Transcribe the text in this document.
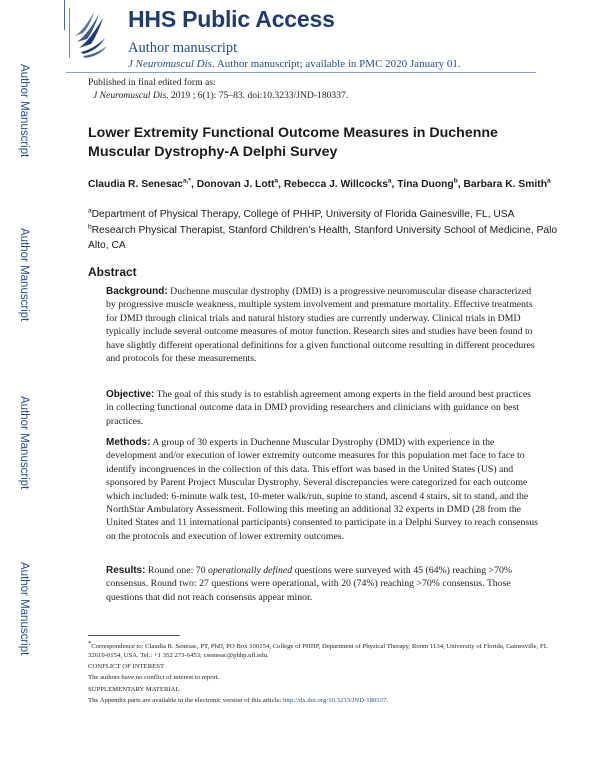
Author Manuscript
Author Manuscript
Author Manuscript
Author Manuscript
HHS Public Access
Author manuscript
J Neuromuscul Dis. Author manuscript; available in PMC 2020 January 01.
Published in final edited form as:
J Neuromuscul Dis. 2019 ; 6(1): 75–83. doi:10.3233/JND-180337.
Lower Extremity Functional Outcome Measures in Duchenne Muscular Dystrophy-A Delphi Survey
Claudia R. Senesac$^{a,*}$, Donovan J. Lott$^a$, Rebecca J. Willcocks$^a$, Tina Duong$^b$, Barbara K. Smith$^a$
$^a$Department of Physical Therapy, College of PHHP, University of Florida Gainesville, FL, USA
$^b$Research Physical Therapist, Stanford Children’s Health, Stanford University School of Medicine, Palo Alto, CA
Abstract
Background: Duchenne muscular dystrophy (DMD) is a progressive neuromuscular disease characterized by progressive muscle weakness, multiple system involvement and premature mortality. Effective treatments for DMD through clinical trials and natural history studies are currently underway. Clinical trials in DMD typically include several outcome measures of motor function. Research sites and studies have been found to have slightly different operational definitions for a given functional outcome resulting in different procedures and protocols for these measurements.
Objective: The goal of this study is to establish agreement among experts in the field around best practices in collecting functional outcome data in DMD providing researchers and clinicians with guidance on best practices.
Methods: A group of 30 experts in Duchenne Muscular Dystrophy (DMD) with experience in the development and/or execution of lower extremity outcome measures for this population met face to face to identify incongruences in the collection of this data. This effort was based in the United States (US) and sponsored by Parent Project Muscular Dystrophy. Several discrepancies were categorized for each outcome which included: 6-minute walk test, 10-meter walk/run, supine to stand, ascend 4 stairs, sit to stand, and the NorthStar Ambulatory Assessment. Following this meeting an additional 32 experts in DMD (28 from the United States and 11 international participants) consented to participate in a Delphi Survey to reach consensus on the protocols and execution of lower extremity outcomes.
Results: Round one: 70 operationally defined questions were surveyed with 45 (64%) reaching >70% consensus. Round two: 27 questions were operational, with 20 (74%) reaching >70% consensus. Those questions that did not reach consensus appear minor.
*Correspondence to: Claudia R. Senesac, PT, PhD, PO Box 100154, College of PHHP, Department of Physical Therapy, Room 1134, University of Florida, Gainesville, FL 32610-0154, USA. Tel.: +1 352 273-6453; csenesac@phhp.ufl.edu.
CONFLICT OF INTEREST
The authors have no conflict of interest to report.
SUPPLEMENTARY MATERIAL
The Appendix parts are available in the electronic version of this article: http://dx.doi.org/10.3233/JND-180337.
